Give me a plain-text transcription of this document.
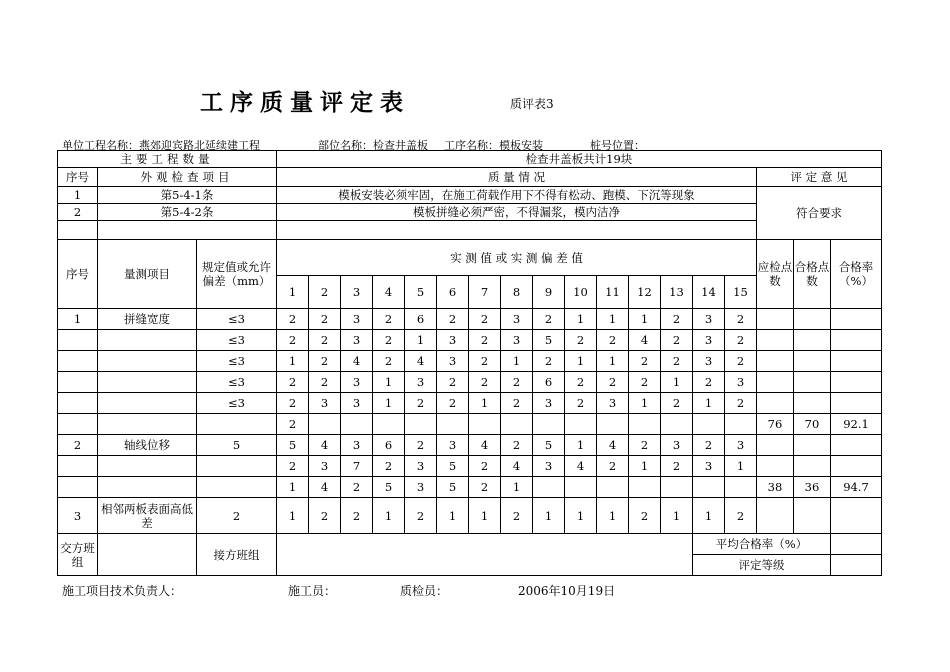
工序质量评定表	质评表3
单位工程名称：燕郊迎宾路北延续建工程	部位名称：检查井盖板 工序名称：模板安装	桩号位置：
主要工程数量			检查井盖板共计19块																	
序号	外观检查项目		质 量 情 况															评 定 意 见		
1	第5-4-1条		模板安装必须牢固，在施工荷载作用下不得有松动、跑模、下沉等现象															符合要求		
2	第5-4-2条		模板拼缝必须严密，不得漏浆，模内洁净																	

序号	量测项目	规定值或允许偏差（mm）	实 测 值 或 实 测 偏 差 值															应检点数	合格点数	合格率（%）
			1	2	3	4	5	6	7	8	9	10	11	12	13	14	15			
1	拼缝宽度	≤3	2	2	3	2	6	2	2	3	2	1	1	1	2	3	2			
		≤3	2	2	3	2	1	3	2	3	5	2	2	4	2	3	2			
		≤3	1	2	4	2	4	3	2	1	2	1	1	2	2	3	2			
		≤3	2	2	3	1	3	2	2	2	6	2	2	2	1	2	3			
		≤3	2	3	3	1	2	2	1	2	3	2	3	1	2	1	2			
			2															76	70	92.1
2	轴线位移	5	5	4	3	6	2	3	4	2	5	1	4	2	3	2	3			
			2	3	7	2	3	5	2	4	3	4	2	1	2	3	1			
			1	4	2	5	3	5	2	1								38	36	94.7
3	相邻两板表面高低差	2	1	2	2	1	2	1	1	2	1	1	1	2	1	1	2			
交方班组		接方班组														平均合格率（%）				
																评定等级				
施工项目技术负责人：	施工员：	质检员：	2006年10月19日
